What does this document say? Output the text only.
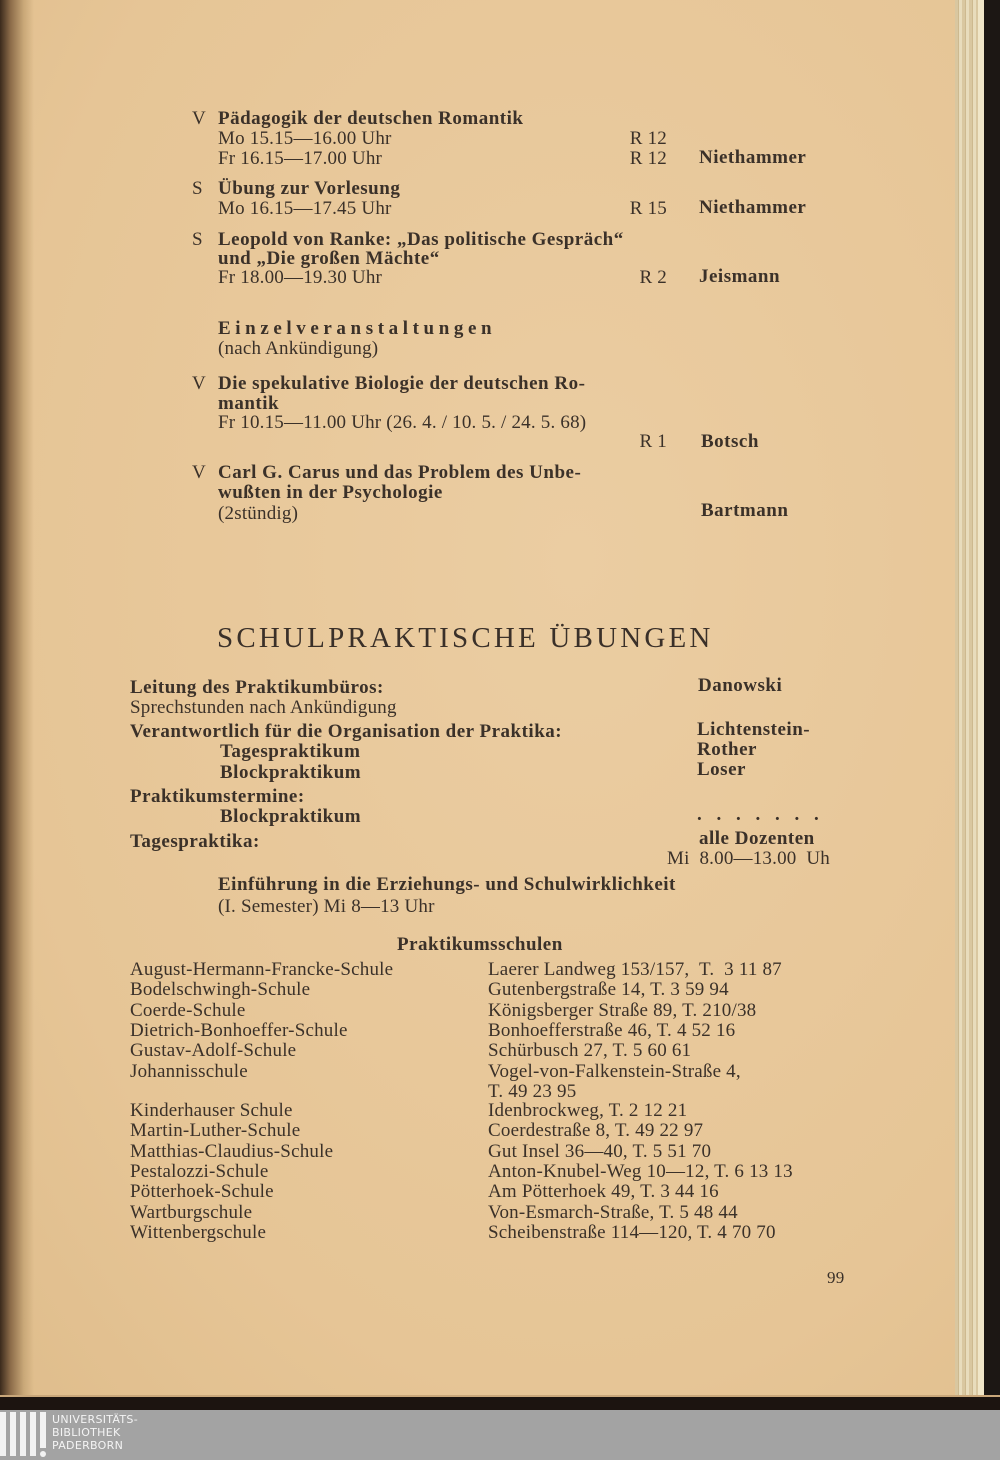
V Pädagogik der deutschen Romantik
Mo 15.15—16.00 Uhr	R 12
Fr 16.15—17.00 Uhr	R 12 Niethammer
S Übung zur Vorlesung
Mo 16.15—17.45 Uhr	R 15 Niethammer
S Leopold von Ranke: „Das politische Gespräch“
und „Die großen Mächte“
Fr 18.00—19.30 Uhr	R 2 Jeismann
Einzelveranstaltungen
(nach Ankündigung)
V Die spekulative Biologie der deutschen Ro-
mantik
Fr 10.15—11.00 Uhr (26. 4. / 10. 5. / 24. 5. 68)
R 1 Botsch
V Carl G. Carus und das Problem des Unbe-
wußten in der Psychologie
(2stündig)	Bartmann
SCHULPRAKTISCHE ÜBUNGEN
Leitung des Praktikumbüros:	Danowski
Sprechstunden nach Ankündigung
Verantwortlich für die Organisation der Praktika:	Lichtenstein-
Tagespraktikum	Rother
Blockpraktikum	Loser
Praktikumstermine:
Blockpraktikum	. . . . . . .
Tagespraktika:	alle Dozenten
Mi  8.00—13.00  Uh
Einführung in die Erziehungs- und Schulwirklichkeit
(I. Semester) Mi 8—13 Uhr
Praktikumsschulen
August-Hermann-Francke-Schule	Laerer Landweg 153/157,  T.  3 11 87
Bodelschwingh-Schule	Gutenbergstraße 14, T. 3 59 94
Coerde-Schule	Königsberger Straße 89, T. 210/38
Dietrich-Bonhoeffer-Schule	Bonhoefferstraße 46, T. 4 52 16
Gustav-Adolf-Schule	Schürbusch 27, T. 5 60 61
Johannisschule	Vogel-von-Falkenstein-Straße 4,
T. 49 23 95
Kinderhauser Schule	Idenbrockweg, T. 2 12 21
Martin-Luther-Schule	Coerdestraße 8, T. 49 22 97
Matthias-Claudius-Schule	Gut Insel 36—40, T. 5 51 70
Pestalozzi-Schule	Anton-Knubel-Weg 10—12, T. 6 13 13
Pötterhoek-Schule	Am Pötterhoek 49, T. 3 44 16
Wartburgschule	Von-Esmarch-Straße, T. 5 48 44
Wittenbergschule	Scheibenstraße 114—120, T. 4 70 70
99
UNIVERSITÄTS-
BIBLIOTHEK
PADERBORN
